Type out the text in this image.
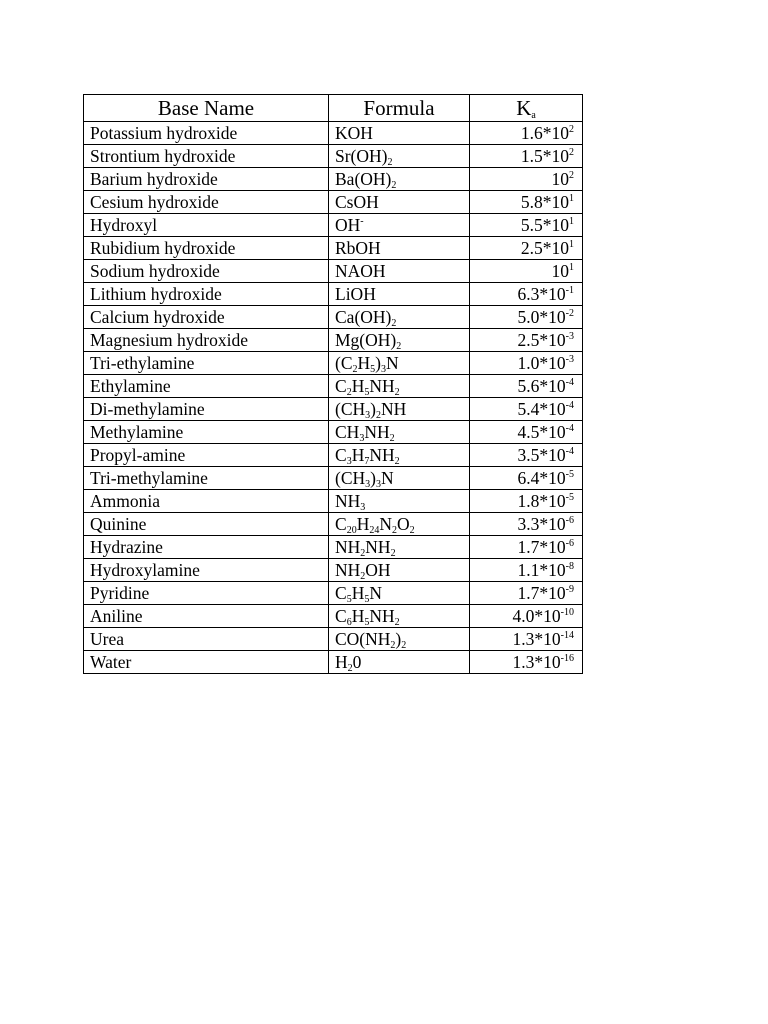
Base Name	Formula	$K_a$
Potassium hydroxide	KOH	$1.6*10^2$
Strontium hydroxide	$Sr(OH)_2$	$1.5*10^2$
Barium hydroxide	$Ba(OH)_2$	$10^2$
Cesium hydroxide	CsOH	$5.8*10^1$
Hydroxyl	OH-	$5.5*10^1$
Rubidium hydroxide	RbOH	$2.5*10^1$
Sodium hydroxide	NAOH	$10^1$
Lithium hydroxide	LiOH	$6.3*10^{-1}$
Calcium hydroxide	$Ca(OH)_2$	$5.0*10^{-2}$
Magnesium hydroxide	$Mg(OH)_2$	$2.5*10^{-3}$
Tri-ethylamine	$(C_2H_5)_3N$	$1.0*10^{-3}$
Ethylamine	$C_2H_5NH_2$	$5.6*10^{-4}$
Di-methylamine	$(CH_3)_2NH$	$5.4*10^{-4}$
Methylamine	$CH_3NH_2$	$4.5*10^{-4}$
Propyl-amine	$C_3H_7NH_2$	$3.5*10^{-4}$
Tri-methylamine	$(CH_3)_3N$	$6.4*10^{-5}$
Ammonia	$NH_3$	$1.8*10^{-5}$
Quinine	$C_{20}H_{24}N_2O_2$	$3.3*10^{-6}$
Hydrazine	$NH_2NH_2$	$1.7*10^{-6}$
Hydroxylamine	$NH_2OH$	$1.1*10^{-8}$
Pyridine	$C_5H_5N$	$1.7*10^{-9}$
Aniline	$C_6H_5NH_2$	$4.0*10^{-10}$
Urea	$CO(NH_2)_2$	$1.3*10^{-14}$
Water	$H_20$	$1.3*10^{-16}$
